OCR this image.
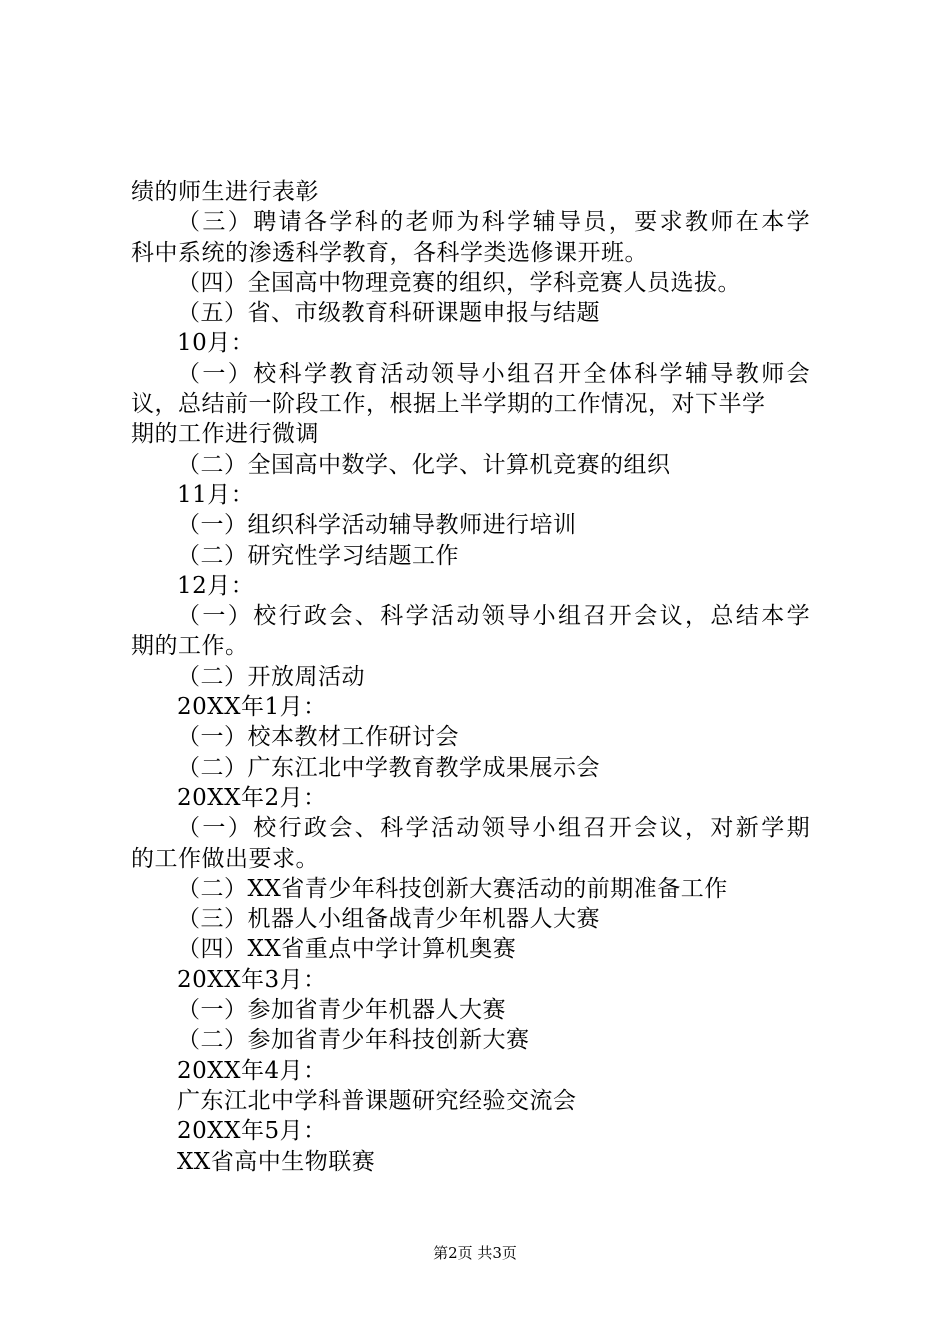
绩的师生进行表彰
（三）聘请各学科的老师为科学辅导员，要求教师在本学
科中系统的渗透科学教育，各科学类选修课开班。
（四）全国高中物理竞赛的组织，学科竞赛人员选拔。
（五）省、市级教育科研课题申报与结题
10月：
（一）校科学教育活动领导小组召开全体科学辅导教师会
议，总结前一阶段工作，根据上半学期的工作情况，对下半学
期的工作进行微调
（二）全国高中数学、化学、计算机竞赛的组织
11月：
（一）组织科学活动辅导教师进行培训
（二）研究性学习结题工作
12月：
（一）校行政会、科学活动领导小组召开会议，总结本学
期的工作。
（二）开放周活动
20XX年1月：
（一）校本教材工作研讨会
（二）广东江北中学教育教学成果展示会
20XX年2月：
（一）校行政会、科学活动领导小组召开会议，对新学期
的工作做出要求。
（二）XX省青少年科技创新大赛活动的前期准备工作
（三）机器人小组备战青少年机器人大赛
（四）XX省重点中学计算机奥赛
20XX年3月：
（一）参加省青少年机器人大赛
（二）参加省青少年科技创新大赛
20XX年4月：
广东江北中学科普课题研究经验交流会
20XX年5月：
XX省高中生物联赛
第2页 共3页
